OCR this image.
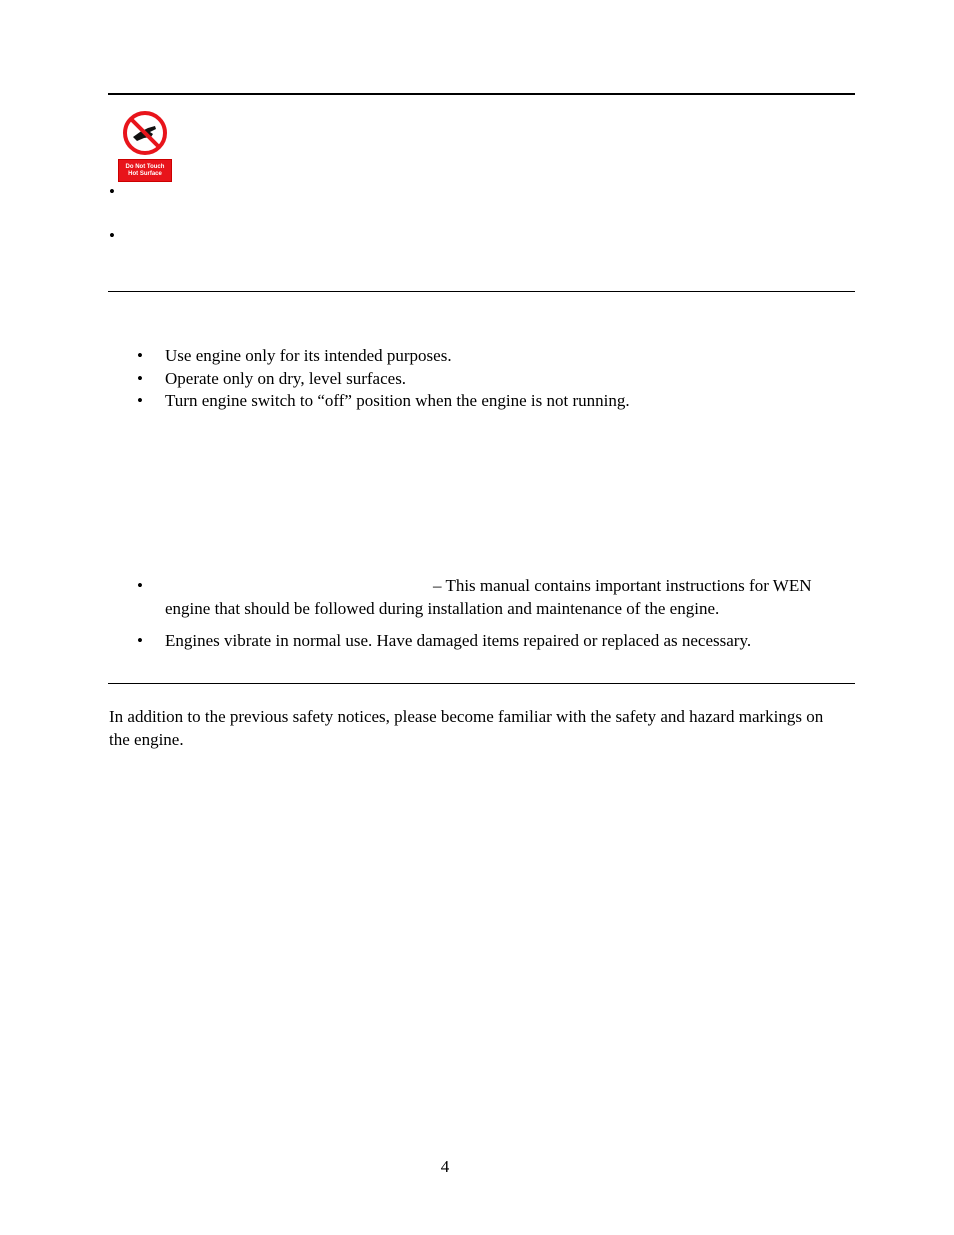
Do Not Touch
Hot Surface
•
•
• Use engine only for its intended purposes.
• Operate only on dry, level surfaces.
• Turn engine switch to “off” position when the engine is not running.
•	– This manual contains important instructions for WEN engine that should be followed during installation and maintenance of the engine.
• Engines vibrate in normal use. Have damaged items repaired or replaced as necessary.

In addition to the previous safety notices, please become familiar with the safety and hazard markings on the engine.

4
